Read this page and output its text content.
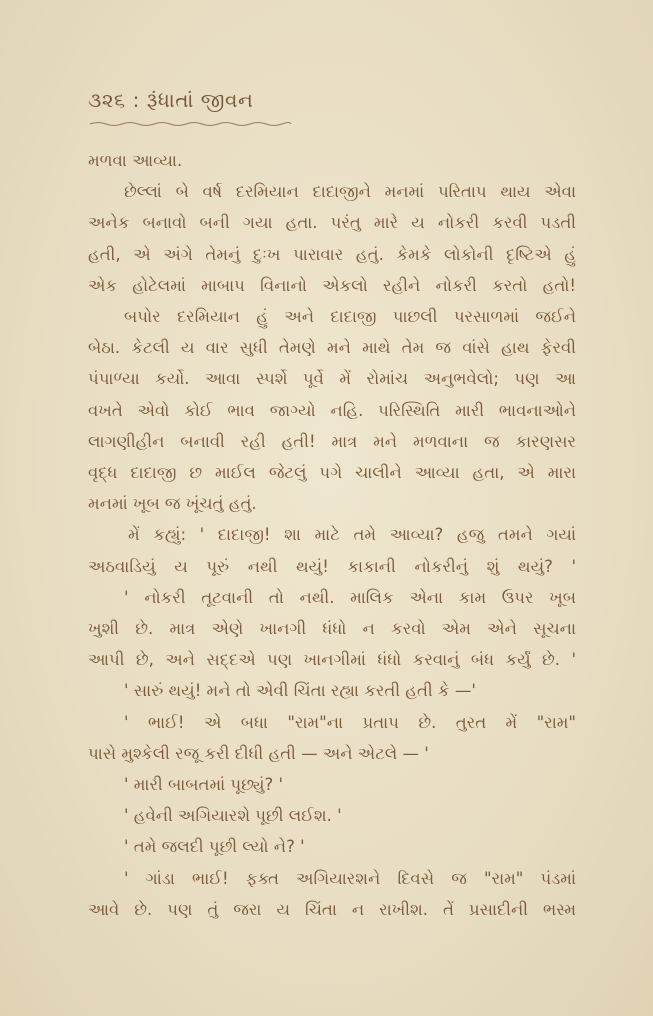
૩૨૬ : રૂંધાતાં જીવન
મળવા આવ્યા.
છેલ્લાં બે વર્ષ દરમિયાન દાદાજીને મનમાં પરિતાપ થાય એવા
અનેક બનાવો બની ગયા હતા. પરંતુ મારે ય નોકરી કરવી પડતી
હતી, એ અંગે તેમનું દુઃખ પારાવાર હતું. કેમકે લોકોની દૃષ્ટિએ હું
એક હોટેલમાં માબાપ વિનાનો એકલો રહીને નોકરી કરતો હતો!
બપોર દરમિયાન હું અને દાદાજી પાછલી પરસાળમાં જઈને
બેઠા. કેટલી ય વાર સુધી તેમણે મને માથે તેમ જ વાંસે હાથ ફેરવી
પંપાળ્યા કર્યો. આવા સ્પર્શે પૂર્વે મેં રોમાંચ અનુભવેલો; પણ આ
વખતે એવો કોઈ ભાવ જાગ્યો નહિ. પરિસ્થિતિ મારી ભાવનાઓને
લાગણીહીન બનાવી રહી હતી! માત્ર મને મળવાના જ કારણસર
વૃદ્ધ દાદાજી છ માઈલ જેટલું પગે ચાલીને આવ્યા હતા, એ મારા
મનમાં ખૂબ જ ખૂંચતું હતું.
મેં કહ્યું: ' દાદાજી! શા માટે તમે આવ્યા? હજુ તમને ગયાં
અઠવાડિયું ય પૂરું નથી થયું! કાકાની નોકરીનું શું થયું? '
' નોકરી તૂટવાની તો નથી. માલિક એના કામ ઉપર ખૂબ
ખુશી છે. માત્ર એણે ખાનગી ધંધો ન કરવો એમ એને સૂચના
આપી છે, અને સદ્દએ પણ ખાનગીમાં ધંધો કરવાનું બંધ કર્યું છે. '
' સારું થયું! મને તો એવી ચિંતા રહ્યા કરતી હતી કે —'
' ભાઈ! એ બધા "રામ"ના પ્રતાપ છે. તુરત મેં "રામ"
પાસે મુશ્કેલી રજૂ કરી દીધી હતી — અને એટલે — '
' મારી બાબતમાં પૂછ્યું? '
' હવેની અગિયારશે પૂછી લઈશ. '
' તમે જલદી પૂછી લ્યો ને? '
' ગાંડા ભાઈ! ફક્ત અગિયારશને દિવસે જ "રામ" પંડમાં
આવે છે. પણ તું જરા ય ચિંતા ન રાખીશ. તેં પ્રસાદીની ભસ્મ
